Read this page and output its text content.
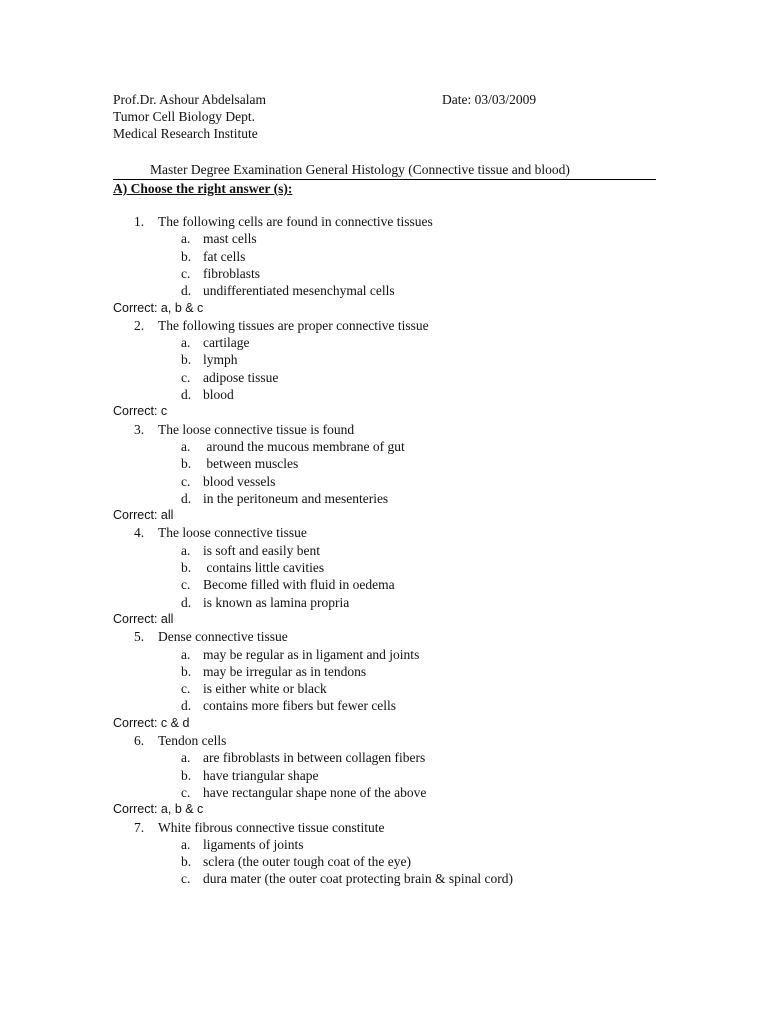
Prof.Dr. Ashour Abdelsalam	Date: 03/03/2009
Tumor Cell Biology Dept.
Medical Research Institute
Master Degree Examination General Histology (Connective tissue and blood)
A) Choose the right answer (s):
1. The following cells are found in connective tissues
a. mast cells
b. fat cells
c. fibroblasts
d. undifferentiated mesenchymal cells
Correct: a, b & c
2. The following tissues are proper connective tissue
a. cartilage
b. lymph
c. adipose tissue
d. blood
Correct: c
3. The loose connective tissue is found
a. around the mucous membrane of gut
b. between muscles
c. blood vessels
d. in the peritoneum and mesenteries
Correct: all
4. The loose connective tissue
a. is soft and easily bent
b. contains little cavities
c. Become filled with fluid in oedema
d. is known as lamina propria
Correct: all
5. Dense connective tissue
a. may be regular as in ligament and joints
b. may be irregular as in tendons
c. is either white or black
d. contains more fibers but fewer cells
Correct: c & d
6. Tendon cells
a. are fibroblasts in between collagen fibers
b. have triangular shape
c. have rectangular shape none of the above
Correct: a, b & c
7. White fibrous connective tissue constitute
a. ligaments of joints
b. sclera (the outer tough coat of the eye)
c. dura mater (the outer coat protecting brain & spinal cord)
